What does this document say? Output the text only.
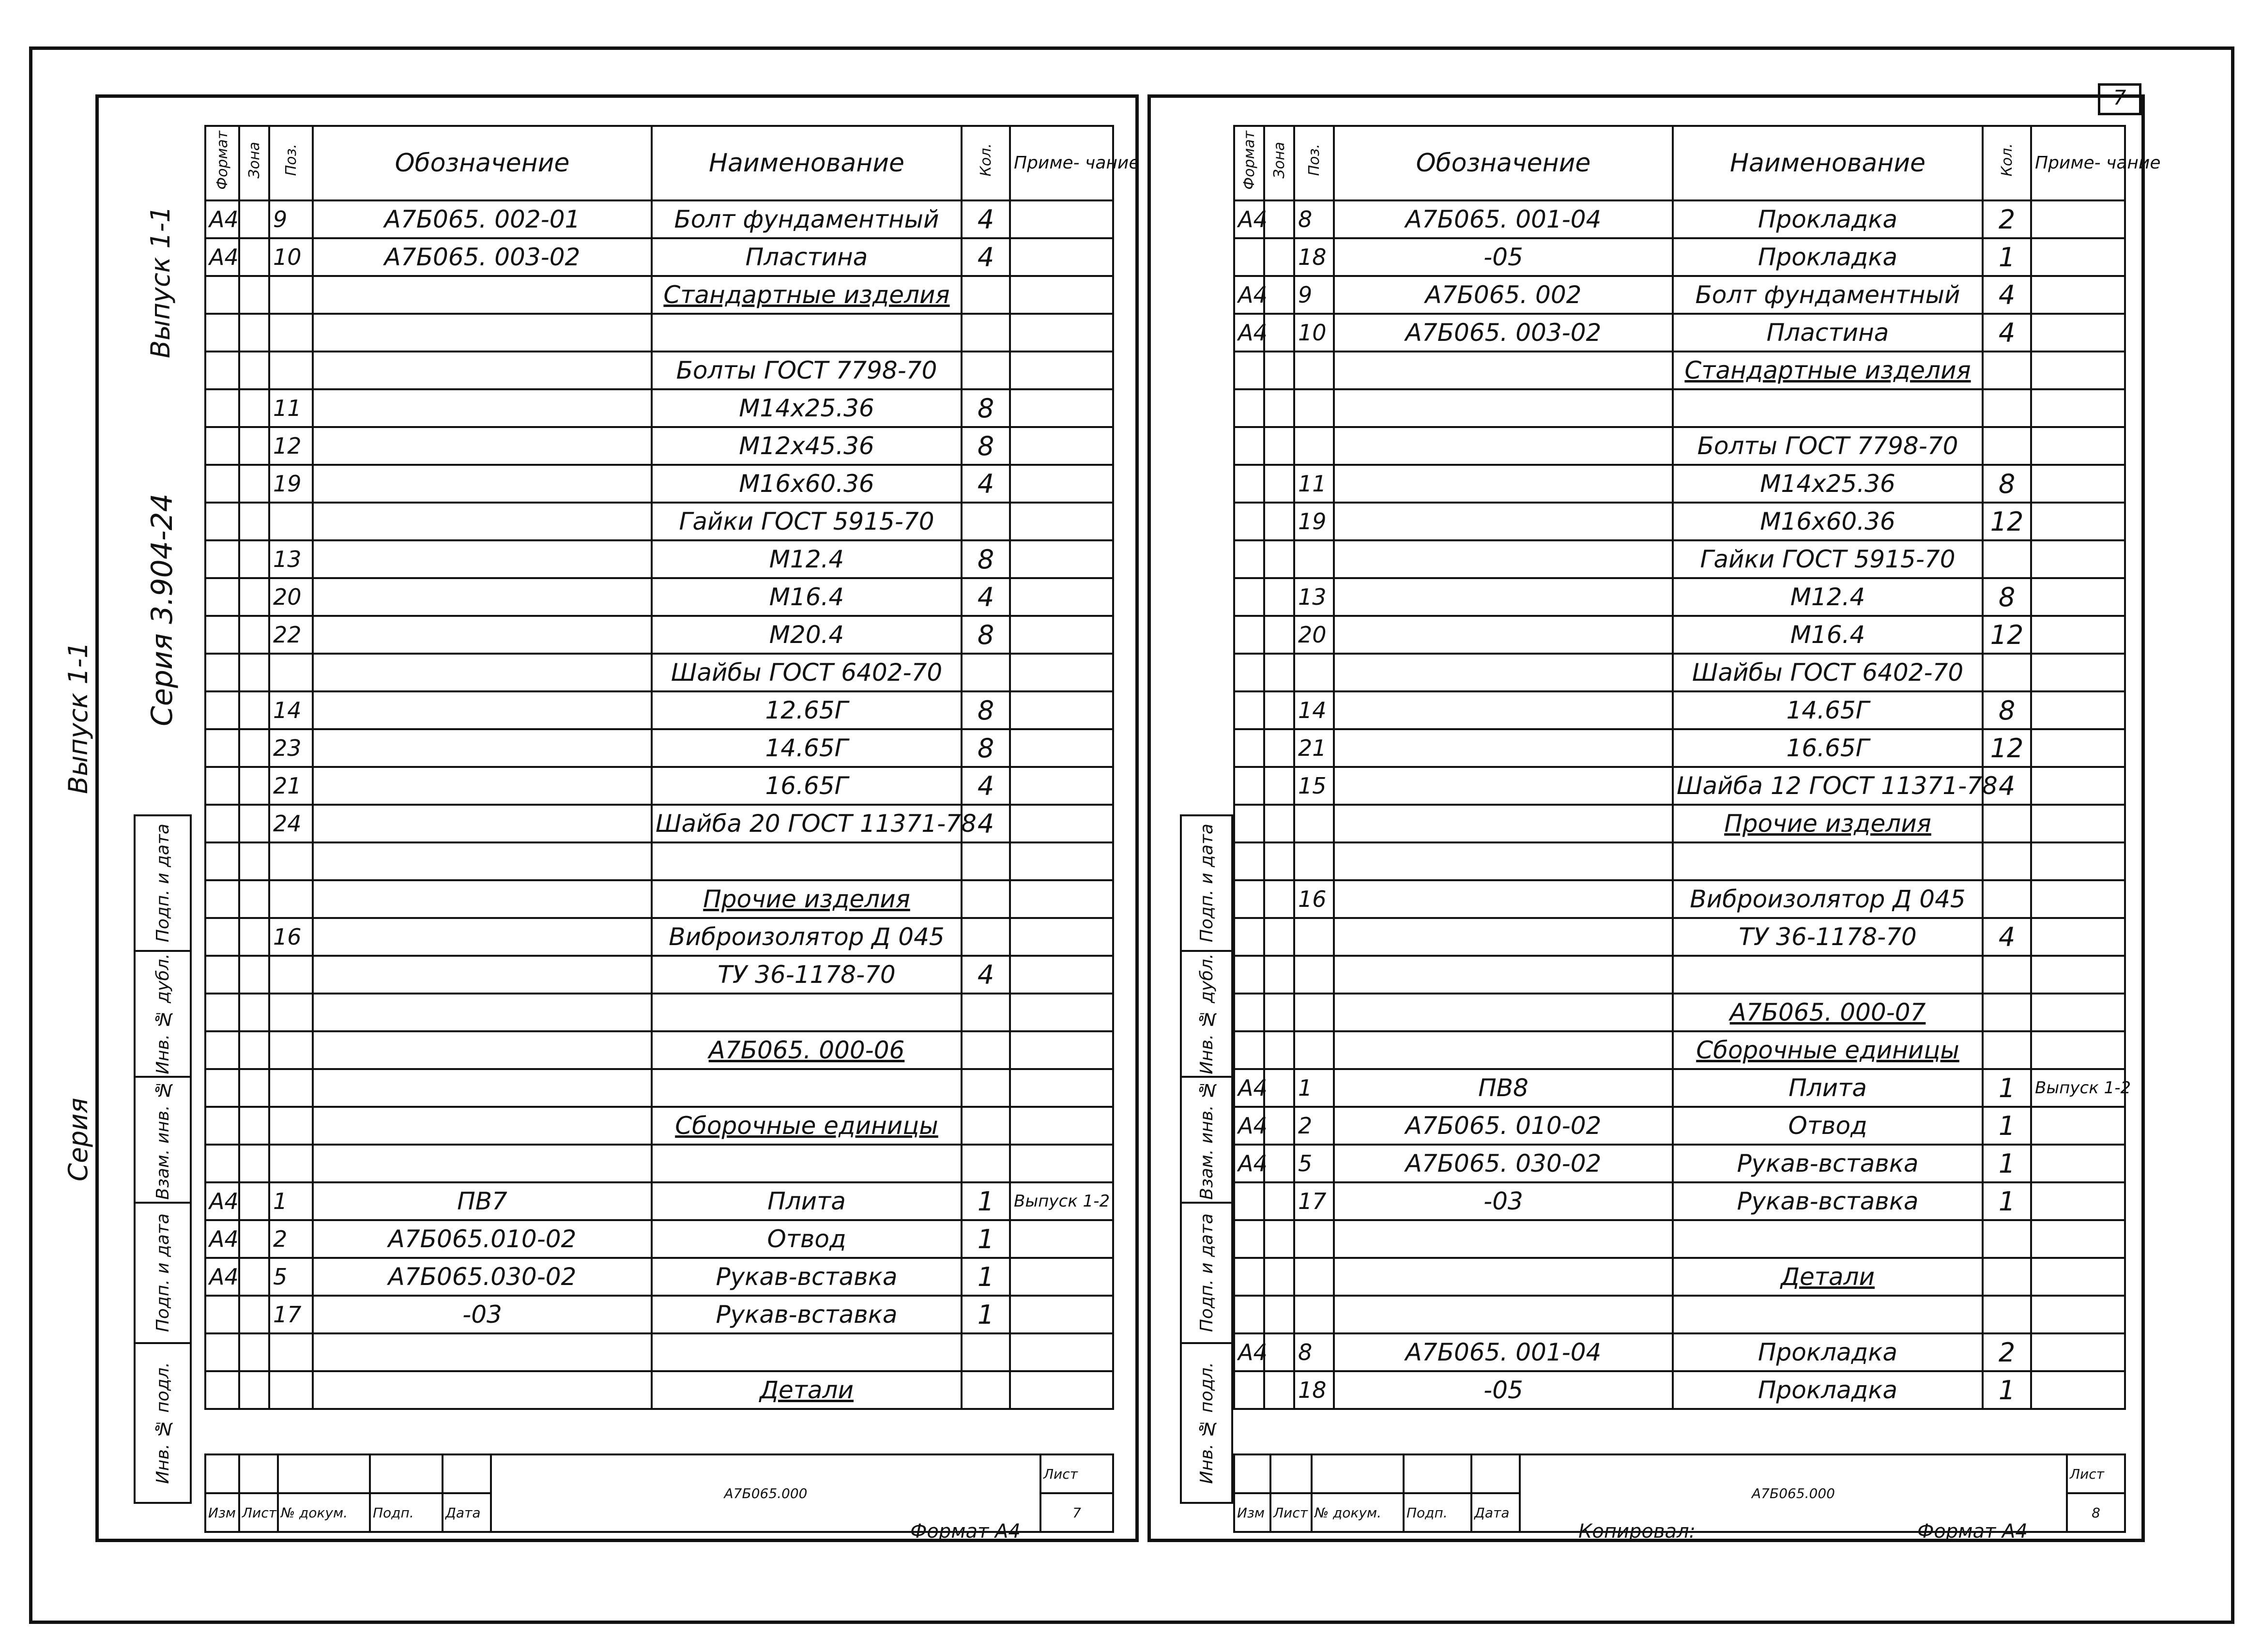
Серия
Выпуск 1-1 Серия 3.904-24
Выпуск 1-1
Подп. и дата

Инв. № дубл.

Взам. инв. №

Подп. и дата

Инв. № подл.
Формат	Зона	Поз.	Обозначение	Наименование	Кол.	Приме- чание
А4		9	А7Б065. 002-01	Болт фундаментный	4	
А4		10	А7Б065. 003-02	Пластина	4	
				Стандартные изделия		

				Болты ГОСТ 7798-70		
		11		М14х25.36	8	
		12		М12х45.36	8	
		19		М16х60.36	4	
				Гайки ГОСТ 5915-70		
		13		М12.4	8	
		20		М16.4	4	
		22		М20.4	8	
				Шайбы ГОСТ 6402-70		
		14		12.65Г	8	
		23		14.65Г	8	
		21		16.65Г	4	
		24		Шайба 20 ГОСТ 11371-78	4	

				Прочие изделия		
		16		Виброизолятор Д 045		
				ТУ 36-1178-70	4	

				А7Б065. 000-06		

				Сборочные единицы		

А4		1	ПВ7	Плита	1	Выпуск 1-2
А4		2	А7Б065.010-02	Отвод	1	
А4		5	А7Б065.030-02	Рукав-вставка	1	
		17	-03	Рукав-вставка	1	

				Детали		
					А7Б065.000	Лист
Изм	Лист	№ докум.	Подп.	Дата		7
Формат А4
7
Подп. и дата

Инв. № дубл.

Взам. инв. №

Подп. и дата

Инв. № подл.
Формат	Зона	Поз.	Обозначение	Наименование	Кол.	Приме- чание
А4		8	А7Б065. 001-04	Прокладка	2	
		18	-05	Прокладка	1	
А4		9	А7Б065. 002	Болт фундаментный	4	
А4		10	А7Б065. 003-02	Пластина	4	
				Стандартные изделия		

				Болты ГОСТ 7798-70		
		11		М14х25.36	8	
		19		М16х60.36	12	
				Гайки ГОСТ 5915-70		
		13		М12.4	8	
		20		М16.4	12	
				Шайбы ГОСТ 6402-70		
		14		14.65Г	8	
		21		16.65Г	12	
		15		Шайба 12 ГОСТ 11371-78	4	
				Прочие изделия		

		16		Виброизолятор Д 045		
				ТУ 36-1178-70	4	

				А7Б065. 000-07		
				Сборочные единицы		
А4		1	ПВ8	Плита	1	Выпуск 1-2
А4		2	А7Б065. 010-02	Отвод	1	
А4		5	А7Б065. 030-02	Рукав-вставка	1	
		17	-03	Рукав-вставка	1	

				Детали		

А4		8	А7Б065. 001-04	Прокладка	2	
		18	-05	Прокладка	1	
					А7Б065.000	Лист
Изм	Лист	№ докум.	Подп.	Дата		8
Копировал:	Формат А4
